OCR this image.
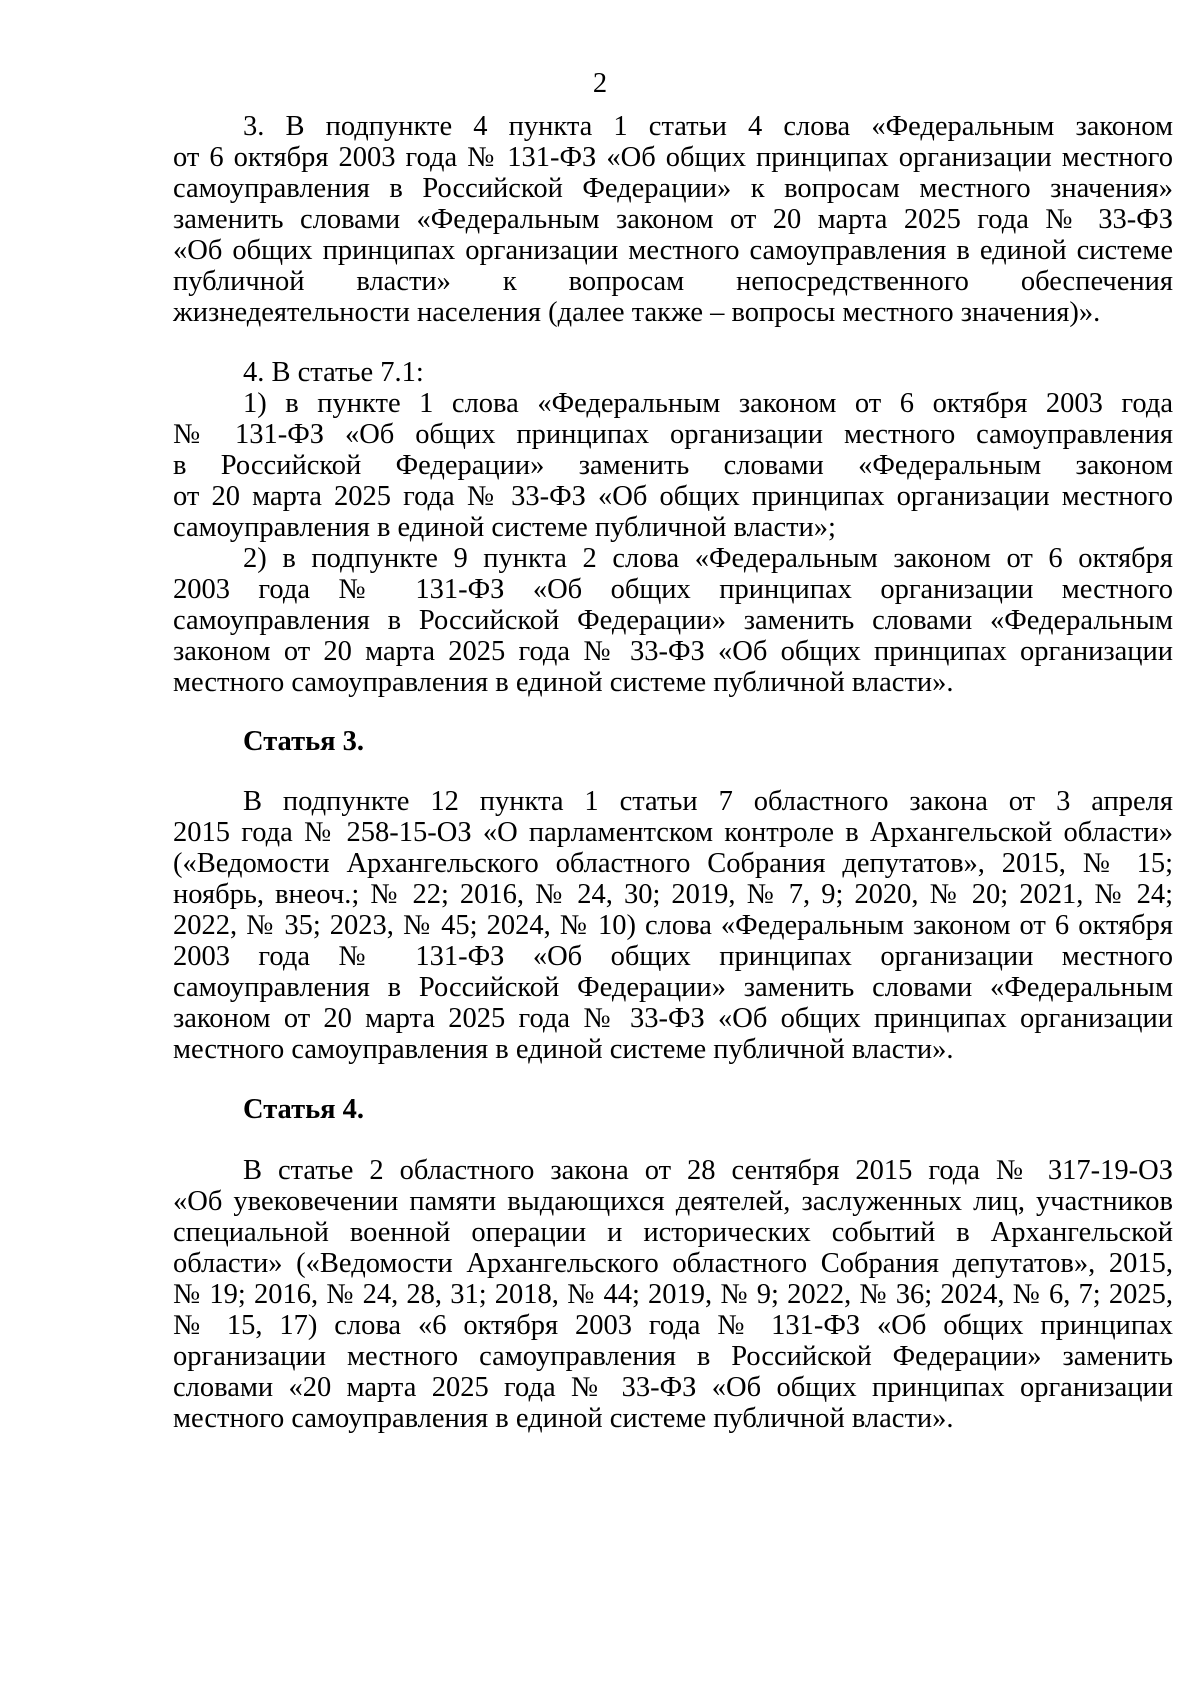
2
3. В подпункте 4 пункта 1 статьи 4 слова «Федеральным законом
от 6 октября 2003 года № 131-ФЗ «Об общих принципах организации местного
самоуправления в Российской Федерации» к вопросам местного значения»
заменить словами «Федеральным законом от 20 марта 2025 года № 33-ФЗ
«Об общих принципах организации местного самоуправления в единой системе
публичной власти» к вопросам непосредственного обеспечения
жизнедеятельности населения (далее также – вопросы местного значения)».
4. В статье 7.1:
1) в пункте 1 слова «Федеральным законом от 6 октября 2003 года
№ 131-ФЗ «Об общих принципах организации местного самоуправления
в Российской Федерации» заменить словами «Федеральным законом
от 20 марта 2025 года № 33-ФЗ «Об общих принципах организации местного
самоуправления в единой системе публичной власти»;
2) в подпункте 9 пункта 2 слова «Федеральным законом от 6 октября
2003 года № 131-ФЗ «Об общих принципах организации местного
самоуправления в Российской Федерации» заменить словами «Федеральным
законом от 20 марта 2025 года № 33-ФЗ «Об общих принципах организации
местного самоуправления в единой системе публичной власти».
Статья 3.
В подпункте 12 пункта 1 статьи 7 областного закона от 3 апреля
2015 года № 258-15-ОЗ «О парламентском контроле в Архангельской области»
(«Ведомости Архангельского областного Собрания депутатов», 2015, № 15;
ноябрь, внеоч.; № 22; 2016, № 24, 30; 2019, № 7, 9; 2020, № 20; 2021, № 24;
2022, № 35; 2023, № 45; 2024, № 10) слова «Федеральным законом от 6 октября
2003 года № 131-ФЗ «Об общих принципах организации местного
самоуправления в Российской Федерации» заменить словами «Федеральным
законом от 20 марта 2025 года № 33-ФЗ «Об общих принципах организации
местного самоуправления в единой системе публичной власти».
Статья 4.
В статье 2 областного закона от 28 сентября 2015 года № 317-19-ОЗ
«Об увековечении памяти выдающихся деятелей, заслуженных лиц, участников
специальной военной операции и исторических событий в Архангельской
области» («Ведомости Архангельского областного Собрания депутатов», 2015,
№ 19; 2016, № 24, 28, 31; 2018, № 44; 2019, № 9; 2022, № 36; 2024, № 6, 7; 2025,
№ 15, 17) слова «6 октября 2003 года № 131-ФЗ «Об общих принципах
организации местного самоуправления в Российской Федерации» заменить
словами «20 марта 2025 года № 33-ФЗ «Об общих принципах организации
местного самоуправления в единой системе публичной власти».
